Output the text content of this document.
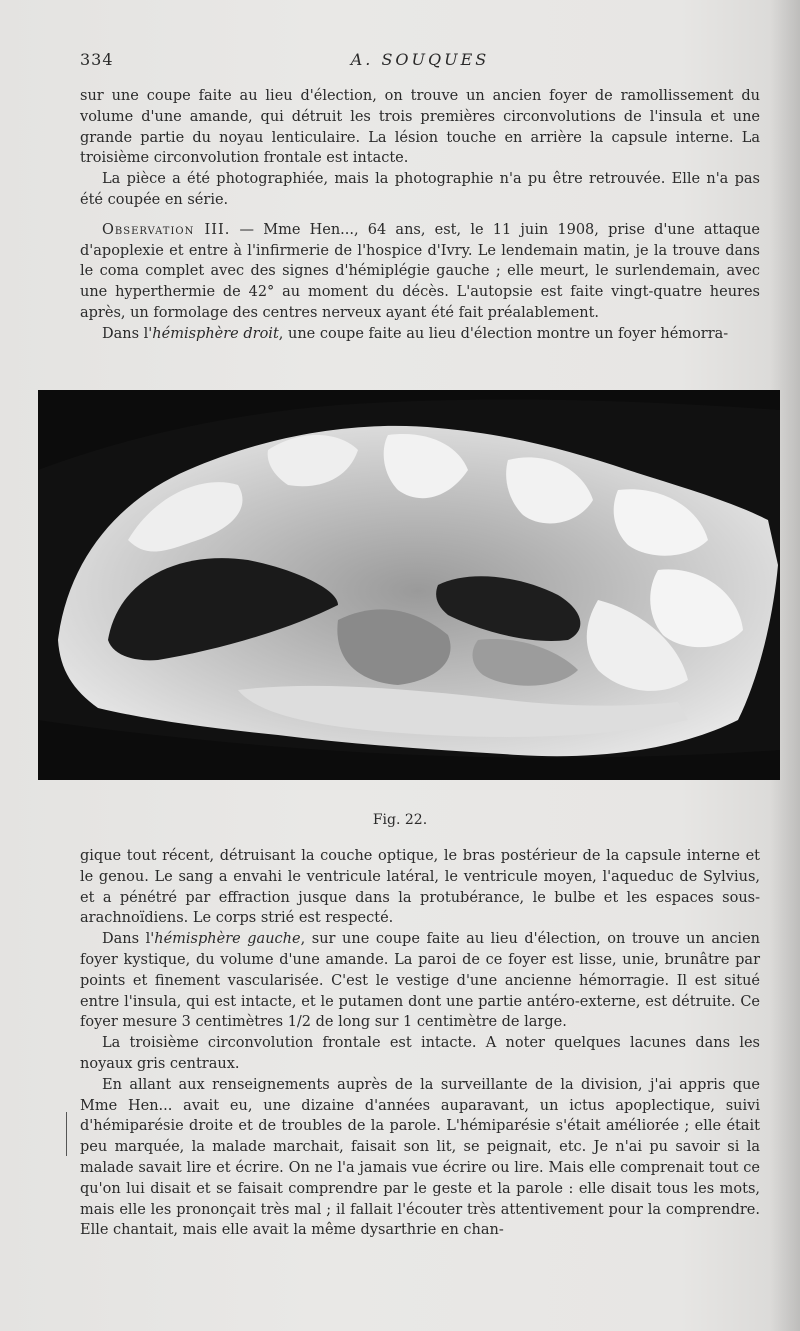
334	A. SOUQUES

sur une coupe faite au lieu d'élection, on trouve un ancien foyer de ramollissement du volume d'une amande, qui détruit les trois premières circonvolutions de l'insula et une grande partie du noyau lenticulaire. La lésion touche en arrière la capsule interne. La troisième circonvolution frontale est intacte.

La pièce a été photographiée, mais la photographie n'a pu être retrouvée. Elle n'a pas été coupée en série.

Observation III. — Mme Hen..., 64 ans, est, le 11 juin 1908, prise d'une attaque d'apoplexie et entre à l'infirmerie de l'hospice d'Ivry. Le lendemain matin, je la trouve dans le coma complet avec des signes d'hémiplégie gauche ; elle meurt, le surlendemain, avec une hyperthermie de 42° au moment du décès. L'autopsie est faite vingt-quatre heures après, un formolage des centres nerveux ayant été fait préalablement.

Dans l'hémisphère droit, une coupe faite au lieu d'élection montre un foyer hémorra-

Fig. 22.

gique tout récent, détruisant la couche optique, le bras postérieur de la capsule interne et le genou. Le sang a envahi le ventricule latéral, le ventricule moyen, l'aqueduc de Sylvius, et a pénétré par effraction jusque dans la protubérance, le bulbe et les espaces sous-arachnoïdiens. Le corps strié est respecté.

Dans l'hémisphère gauche, sur une coupe faite au lieu d'élection, on trouve un ancien foyer kystique, du volume d'une amande. La paroi de ce foyer est lisse, unie, brunâtre par points et finement vascularisée. C'est le vestige d'une ancienne hémorragie. Il est situé entre l'insula, qui est intacte, et le putamen dont une partie antéro-externe, est détruite. Ce foyer mesure 3 centimètres 1/2 de long sur 1 centimètre de large.

La troisième circonvolution frontale est intacte. A noter quelques lacunes dans les noyaux gris centraux.

En allant aux renseignements auprès de la surveillante de la division, j'ai appris que Mme Hen... avait eu, une dizaine d'années auparavant, un ictus apoplectique, suivi d'hémiparésie droite et de troubles de la parole. L'hémiparésie s'était améliorée ; elle était peu marquée, la malade marchait, faisait son lit, se peignait, etc. Je n'ai pu savoir si la malade savait lire et écrire. On ne l'a jamais vue écrire ou lire. Mais elle comprenait tout ce qu'on lui disait et se faisait comprendre par le geste et la parole : elle disait tous les mots, mais elle les prononçait très mal ; il fallait l'écouter très attentivement pour la comprendre. Elle chantait, mais elle avait la même dysarthrie en chan-
